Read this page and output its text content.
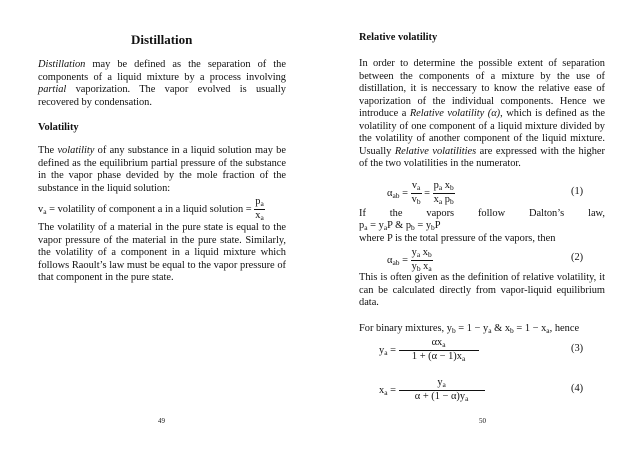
Distillation

Distillation may be defined as the separation of the components of a liquid mixture by a process involving partial vaporization. The vapor evolved is usually recovered by condensation.

Volatility

The volatility of any substance in a liquid solution may be defined as the equilibrium partial pressure of the substance in the vapor phase devided by the mole fraction of the substance in the liquid solution:

$v_a$ = volatility of component a in a liquid solution = $\frac{p_a}{x_a}$

The volatility of a material in the pure state is equal to the vapor pressure of the material in the pure state. Similarly, the volatility of a component in a liquid mixture which follows Raoult’s law must be equal to the vapor pressure of that component in the pure state.

49
Relative volatility

In order to determine the possible extent of separation between the components of a mixture by the use of distillation, it is neccessary to know the relative ease of vaporization of the individual components. Hence we introduce a Relative volatility (α), which is defined as the volatility of one component of a liquid mixture divided by the volatility of another component of the liquid mixture. Usually Relative volatilities are expressed with the higher of the two volatilities in the numerator.

$\alpha_{ab} = \frac{v_a}{v_b} = \frac{p_a x_b}{x_a p_b}$	(1)
If the vapors follow Dalton’s law,
$p_a = y_aP$ & $p_b = y_bP$
where P is the total pressure of the vapors, then
$\alpha_{ab} = \frac{y_a x_b}{y_b x_a}$	(2)

This is often given as the definition of relative volatility, it can be calculated directly from vapor-liquid equilibrium data.

For binary mixtures, $y_b = 1 - y_a$ & $x_b = 1 - x_a$, hence
$y_a = \frac{\alpha x_a}{1 + (\alpha - 1)x_a}$	(3)
$x_a = \frac{y_a}{\alpha + (1 - \alpha)y_a}$	(4)
50
